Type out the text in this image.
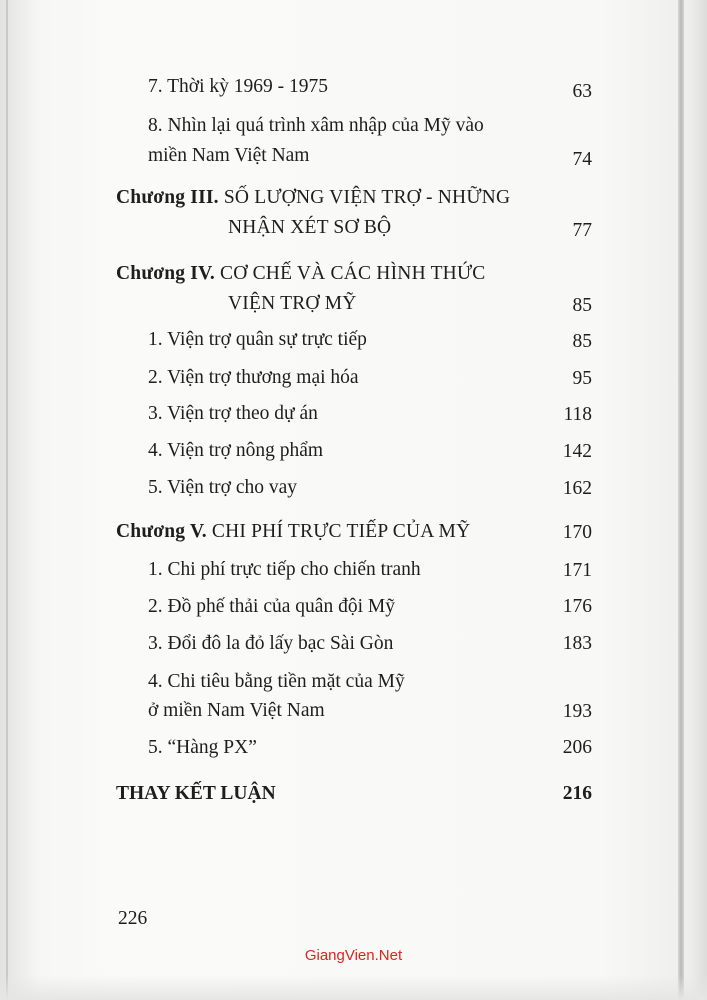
7. Thời kỳ 1969 - 1975	63
8. Nhìn lại quá trình xâm nhập của Mỹ vào
miền Nam Việt Nam	74
Chương III. SỐ LƯỢNG VIỆN TRỢ - NHỮNG
NHẬN XÉT SƠ BỘ	77
Chương IV. CƠ CHẾ VÀ CÁC HÌNH THỨC
VIỆN TRỢ MỸ	85
1. Viện trợ quân sự trực tiếp	85
2. Viện trợ thương mại hóa	95
3. Viện trợ theo dự án	118
4. Viện trợ nông phẩm	142
5. Viện trợ cho vay	162
Chương V. CHI PHÍ TRỰC TIẾP CỦA MỸ	170
1. Chi phí trực tiếp cho chiến tranh	171
2. Đồ phế thải của quân đội Mỹ	176
3. Đổi đô la đỏ lấy bạc Sài Gòn	183
4. Chi tiêu bằng tiền mặt của Mỹ
ở miền Nam Việt Nam	193
5. “Hàng PX”	206
THAY KẾT LUẬN	216
226
GiangVien.Net
